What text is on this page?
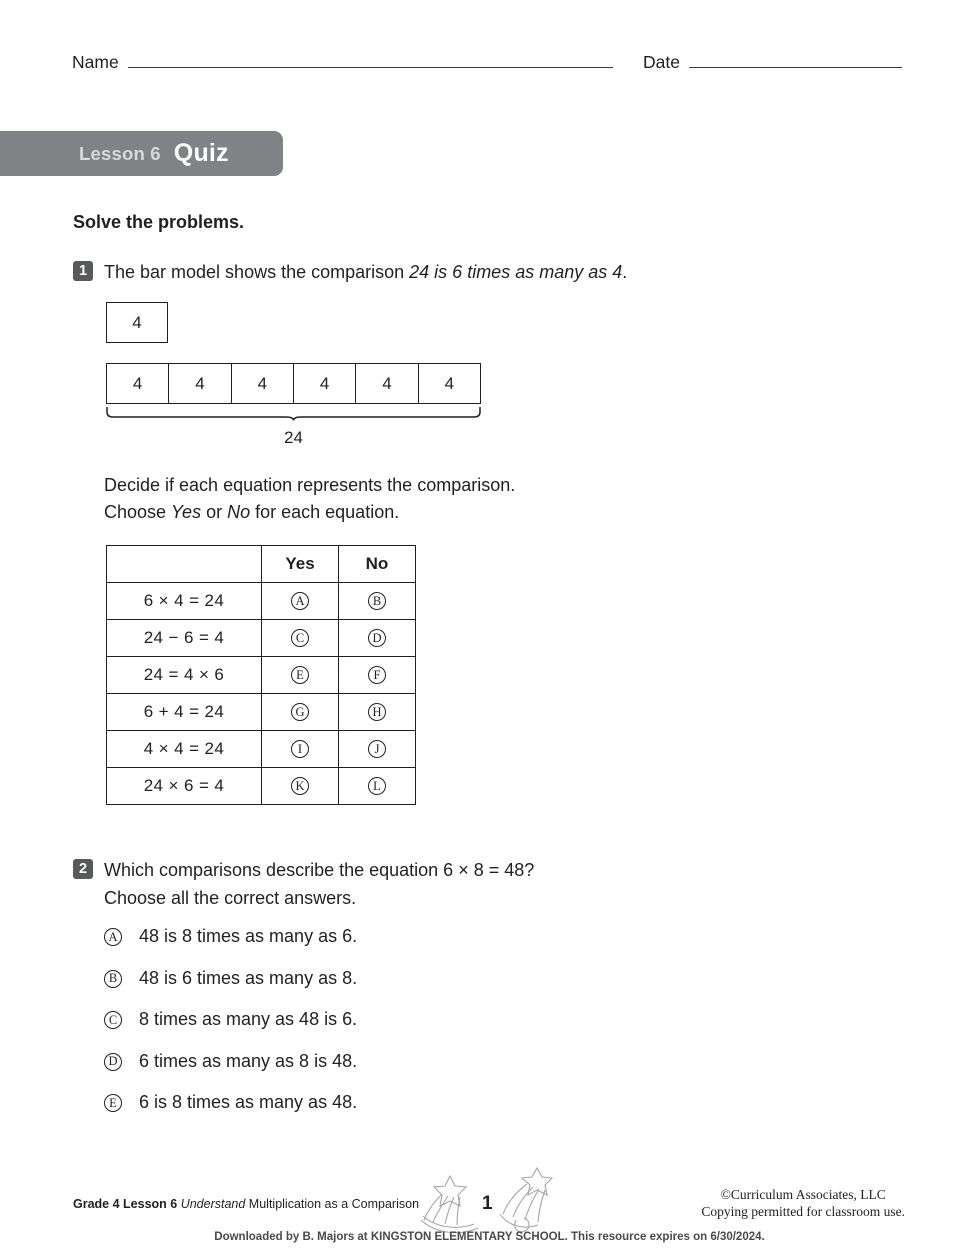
Name	Date
Lesson 6 Quiz
Solve the problems.
1 The bar model shows the comparison 24 is 6 times as many as 4.
4
4	4	4	4	4	4
24
Decide if each equation represents the comparison.
Choose Yes or No for each equation.
	Yes	No
6 × 4 = 24	A	B
24 − 6 = 4	C	D
24 = 4 × 6	E	F
6 + 4 = 24	G	H
4 × 4 = 24	I	J
24 × 6 = 4	K	L
2 Which comparisons describe the equation 6 × 8 = 48?
Choose all the correct answers.
A 48 is 8 times as many as 6.
B 48 is 6 times as many as 8.
C 8 times as many as 48 is 6.
D 6 times as many as 8 is 48.
E 6 is 8 times as many as 48.
Grade 4 Lesson 6 Understand Multiplication as a Comparison	1	©Curriculum Associates, LLC
Copying permitted for classroom use.
Downloaded by B. Majors at KINGSTON ELEMENTARY SCHOOL. This resource expires on 6/30/2024.
